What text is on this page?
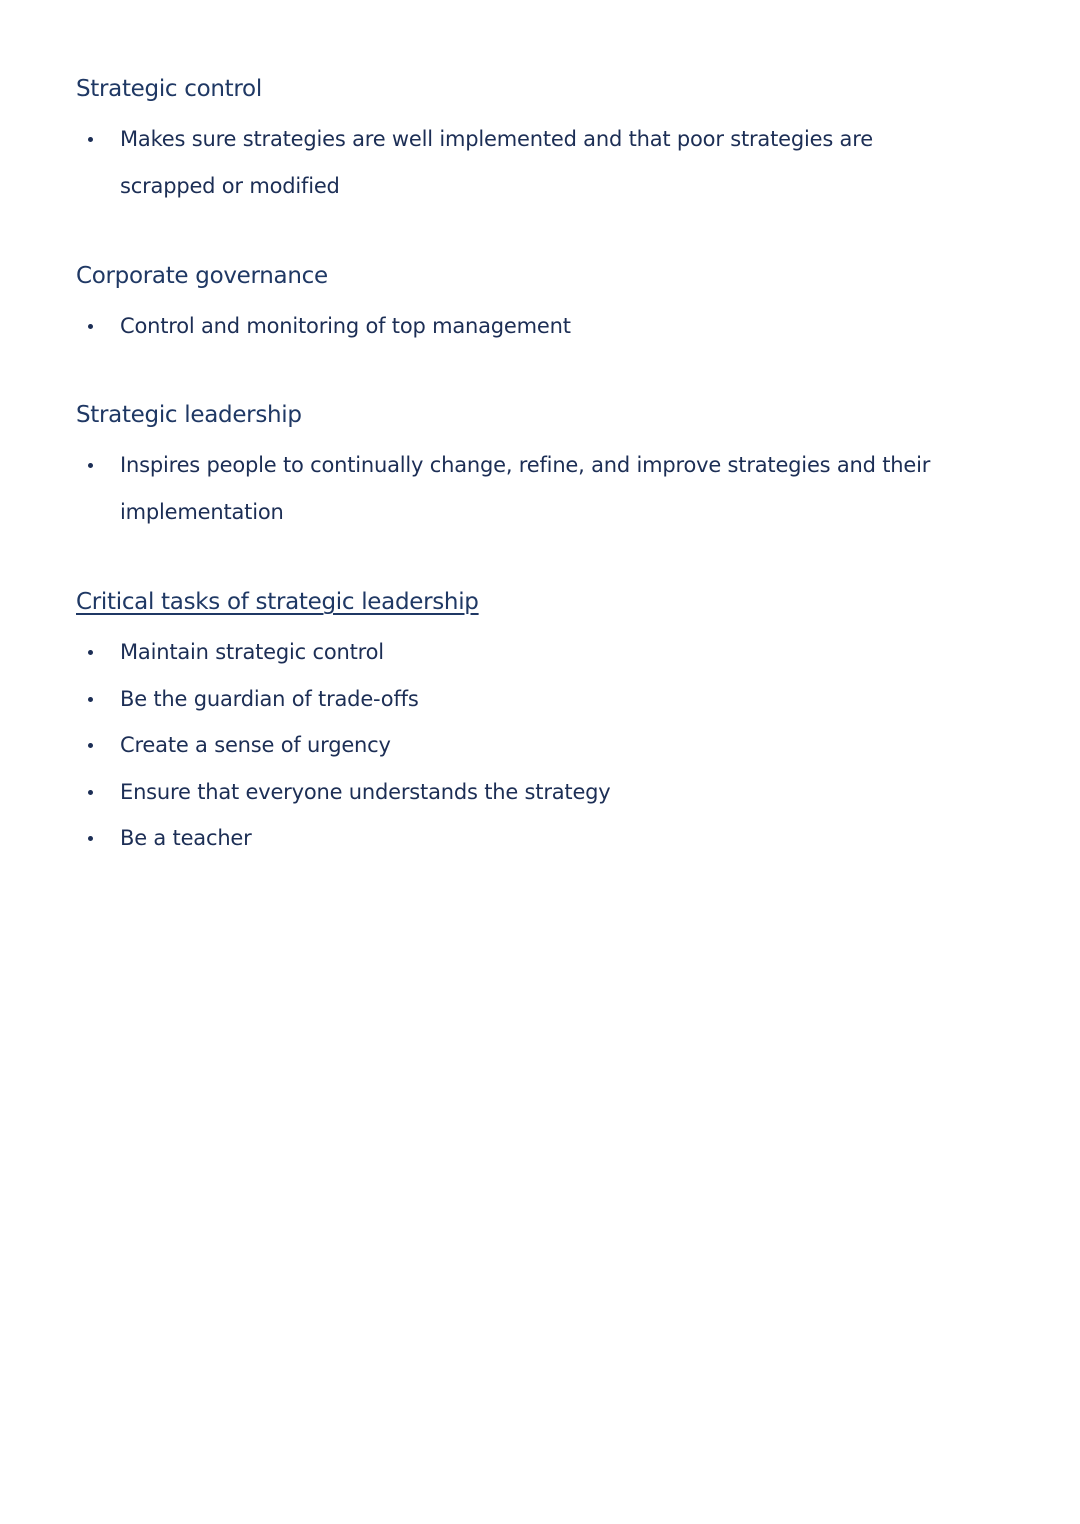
Strategic control
Makes sure strategies are well implemented and that poor strategies are scrapped or modified
Corporate governance
Control and monitoring of top management
Strategic leadership
Inspires people to continually change, refine, and improve strategies and their implementation
Critical tasks of strategic leadership
Maintain strategic control
Be the guardian of trade-offs
Create a sense of urgency
Ensure that everyone understands the strategy
Be a teacher
